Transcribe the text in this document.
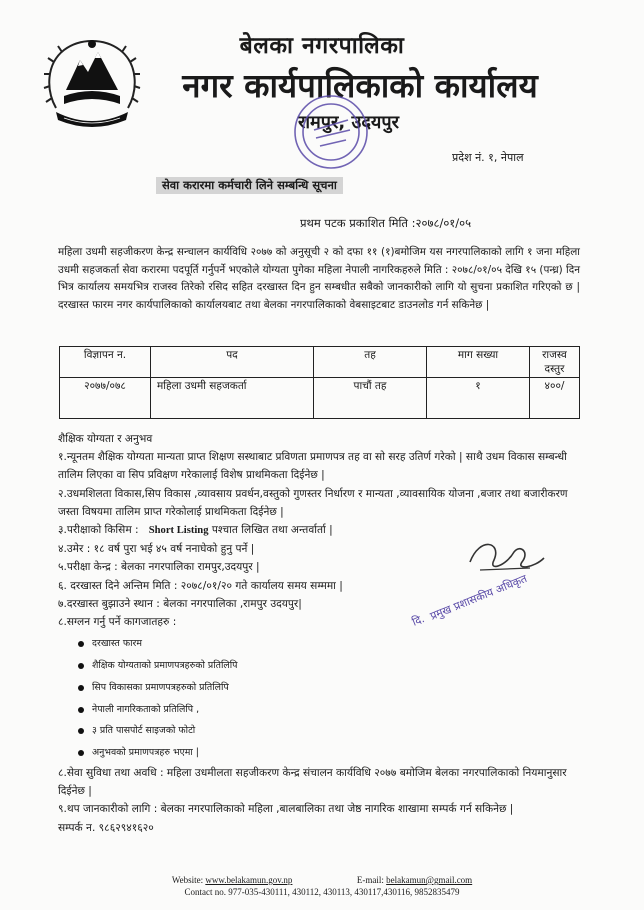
बेलका नगरपालिका
नगर कार्यपालिकाको कार्यालय
रामपुर, उदयपुर
प्रदेश नं. १, नेपाल
सेवा करारमा कर्मचारी लिने सम्बन्धि सूचना
प्रथम पटक प्रकाशित मिति :२०७८/०१/०५
महिला उधमी सहजीकरण केन्द्र सन्चालन कार्यविधि २०७७ को अनुसूची २ को दफा ११ (१)बमोजिम यस नगरपालिकाको लागि १ जना महिला उधमी सहजकर्ता सेवा करारमा पदपूर्ति गर्नुपर्ने भएकोले योग्यता पुगेका महिला नेपाली नागरिकहरुले मिति : २०७८/०१/०५ देखि १५ (पन्ध्र) दिन भित्र कार्यालय समयभित्र राजस्व तिरेको रसिद सहित दरखास्त दिन हुन सम्बधीत सबैको जानकारीको लागि यो सुचना प्रकाशित गरिएको छ | दरखास्त फारम नगर कार्यपालिकाको कार्यालयबाट तथा बेलका नगरपालिकाको वेबसाइटबाट डाउनलोड गर्न सकिनेछ |
विज्ञापन न.	पद	तह	माग सख्या	राजस्व दस्तुर
२०७७/०७८	महिला उधमी सहजकर्ता	पाचौं तह	१	४००/
शैक्षिक योग्यता र अनुभव
१.न्यूनतम शैक्षिक योग्यता मान्यता प्राप्त शिक्षण सस्थाबाट प्रविणता प्रमाणपत्र तह वा सो सरह उतिर्ण गरेको | साथै उधम विकास सम्बन्धी तालिम लिएका वा सिप प्रविक्षण गरेकालाई विशेष प्राथमिकता दिईनेछ |
२.उधमशिलता विकास,सिप विकास ,व्यावसाय प्रवर्धन,वस्तुको गुणस्तर निर्धारण र मान्यता ,व्यावसायिक योजना ,बजार तथा बजारीकरण जस्ता विषयमा तालिम प्राप्त गरेकोलाई प्राथमिकता दिईनेछ |
३.परीक्षाको किसिम : Short Listing पश्चात लिखित तथा अन्तर्वार्ता |
४.उमेर : १८ वर्ष पुरा भई ४५ वर्ष ननाघेको हुनु पर्ने |
५.परीक्षा केन्द्र : बेलका नगरपालिका रामपुर,उदयपुर |
६. दरखास्त दिने अन्तिम मिति : २०७८/०१/२० गते कार्यालय समय सम्ममा |
७.दरखास्त बुझाउने स्थान : बेलका नगरपालिका ,रामपुर उदयपुर|
८.सग्लन गर्नु पर्ने कागजातहरु :
दरखास्त फारम
शैक्षिक योग्यताको प्रमाणपत्रहरुको प्रतिलिपि
सिप विकासका प्रमाणपत्रहरुको प्रतिलिपि
नेपाली नागरिकताको प्रतिलिपि ,
३ प्रति पासपोर्ट साइजको फोटो
अनुभवको प्रमाणपत्रहरु भएमा |
८.सेवा सुविधा तथा अवधि : महिला उधमीलता सहजीकरण केन्द्र संचालन कार्यविधि २०७७ बमोजिम बेलका नगरपालिकाको नियमानुसार दिईनेछ |
९.थप जानकारीको लागि : बेलका नगरपालिकाको महिला ,बालबालिका तथा जेष्ठ नागरिक शाखामा सम्पर्क गर्न सकिनेछ |
सम्पर्क न. ९८६२९४१६२०
दि. प्रमुख प्रशासकीय अधिकृत
Website: www.belakamun.gov.np	E-mail: belakamun@gmail.com
Contact no. 977-035-430111, 430112, 430113, 430117,430116, 9852835479
